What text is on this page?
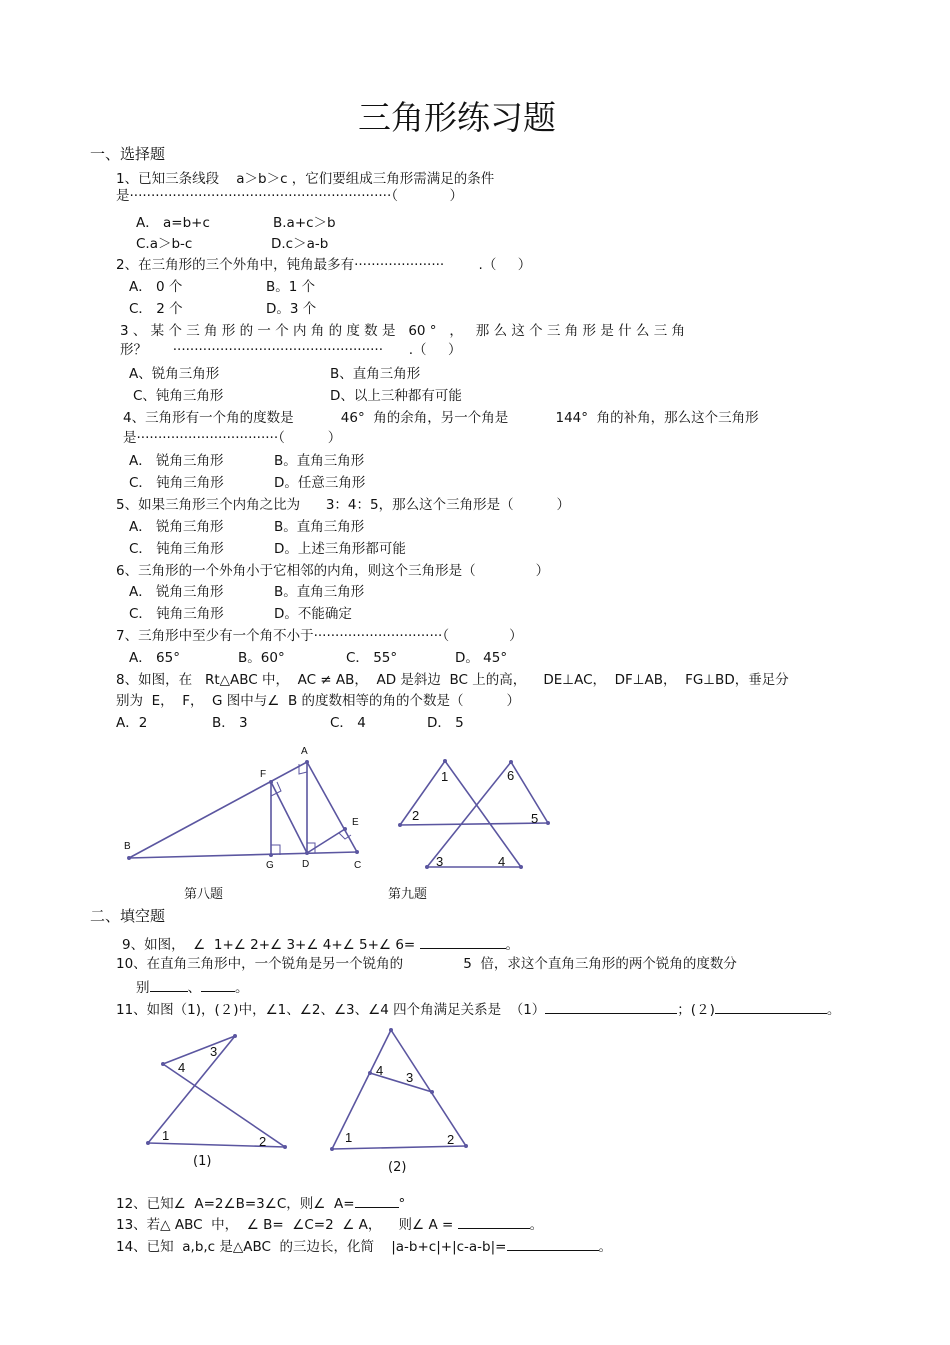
三角形练习题
一、选择题
1、已知三条线段    a＞b＞c ，它们要组成三角形需满足的条件
是·····························································（            ）
A． a=b+c	B.a+c＞b
C.a＞b-c	D.c＞a-b
2、在三角形的三个外角中，钝角最多有·····················        .（     ）
A． 0 个	B。1 个
C． 2 个	D。3 个
3 、 某 个 三 角 形 的 一 个 内 角 的 度 数 是   60 °   ，   那 么 这 个 三 角 形 是 什 么 三 角
形？      ·················································      .（     ）
A、锐角三角形	B、直角三角形
C、钝角三角形	D、以上三种都有可能
4、三角形有一个角的度数是           46°  角的余角，另一个角是           144°  角的补角，那么这个三角形
是·································（          ）
A． 锐角三角形	B。直角三角形
C． 钝角三角形	D。任意三角形
5、如果三角形三个内角之比为      3：4：5，那么这个三角形是（          ）
A． 锐角三角形	B。直角三角形
C． 钝角三角形	D。上述三角形都可能
6、三角形的一个外角小于它相邻的内角，则这个三角形是（              ）
A． 锐角三角形	B。直角三角形
C． 钝角三角形	D。不能确定
7、三角形中至少有一个角不小于······························（              ）
A． 65°	B。60°	C． 55°	D。 45°
8、如图，在   Rt△ABC 中，  AC ≠ AB，  AD 是斜边  BC 上的高，    DE⊥AC，  DF⊥AB，  FG⊥BD，垂足分
别为  E，  F，  G 图中与∠  B 的度数相等的角的个数是（          ）
A．2	B． 3	C． 4	D． 5
A
F
E
B
G	D	C
1	6
2	5
3	4
3
4
1	2
4 3
1	2
第八题	第九题
二、填空题
9、如图，  ∠  1+∠ 2+∠ 3+∠ 4+∠ 5+∠ 6=	。
10、在直角三角形中，一个锐角是另一个锐角的              5  倍，求这个直角三角形的两个锐角的度数分
别	、	。
11、如图（1)，(２)中，∠1、∠2、∠3、∠4 四个角满足关系是  （1）	；(２)	。
(1)	(2)
12、已知∠  A=2∠B=3∠C，则∠  A=	°
13、若△ ABC  中，  ∠ B=  ∠C=2  ∠ A，    则∠ A =	。
14、已知  a,b,c 是△ABC  的三边长，化简    |a-b+c|+|c-a-b|=	。
